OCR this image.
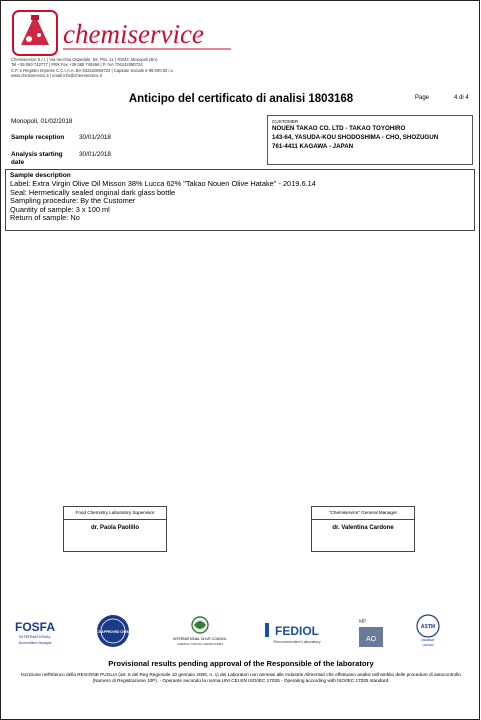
chemiservice
Chemiservice S.r.l. | Via Vecchia Ospedale, Str. Priv. 11 | 70043, Monopoli (BA)
Tel +39 080 742777 | PBX Fax +39 080 748466 | P. IVA 704242080724
C.F. e Registro Imprese C.C.I.A.A. BA 042420806724 | Capitale Sociale € 89.000,00 i.v.
www.chemiservice.it | email info@chemiservice.it
Anticipo del certificato di analisi 1803168	Page	4 di 4
Monopoli, 01/02/2018
Sample reception 30/01/2018
Analysis starting date
30/01/2018
CUSTOMER
NOUEN TAKAO CO. LTD - TAKAO TOYOHIRO
143-64, YASUDA-KOU SHODOSHIMA - CHO, SHOZUGUN
761-4411 KAGAWA - JAPAN
Sample description
Label: Extra Virgin Olive Oil Misson 38% Lucca 62% "Takao Nouen Olive Hatake" - 2019.6.14
Seal: Hermetically sealed original dark glass bottle
Sampling procedure: By the Customer
Quantity of sample: 3 x 100 ml
Return of sample: No
Food Chemistry Laboratory Supervisor
dr. Paola Paolillo
"Chemiservice" General Manager
dr. Valentina Cardone
FOSFA
INTERNATIONAL
Accredited Analyst
AOCS APPROVED CHEMIST
INTERNATIONAL OLIVE COUNCIL
CHEMICAL TESTING LABORATORIES
FEDIOL
Recommended Laboratory
MP
AO
ASTM
MEMBER
1049022
Provisional results pending approval of the Responsible of the laboratory
Iscrizione nell'Elenco della REGIONE PUGLIA (art. 6 del Reg Regionale 10 gennaio 2006, n. 1) dei Laboratori non annessi alle Industrie Alimentari che effettuano analisi nell'ambito delle procedure di autocontrollo (Numero di Registrazione 10P). - Operante secondo la norma UNI CEI EN ISO/IEC 17025 - Operating according with ISO/IEC 17025 standard.
